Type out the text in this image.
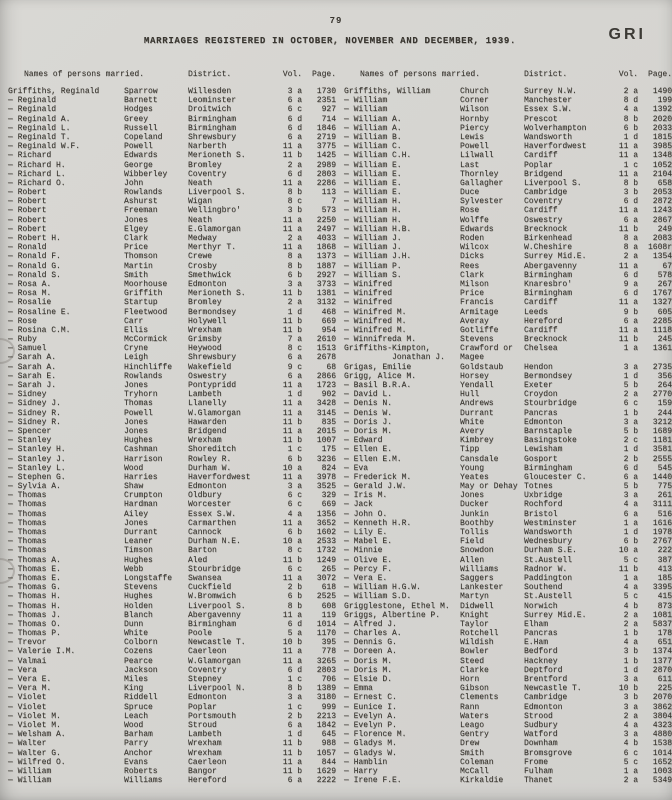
79
MARRIAGES REGISTERED IN OCTOBER, NOVEMBER AND DECEMBER, 1939.	GRI
Names of persons married.	District.	Vol.	Page.
Griffiths, Reginald	Sparrow	Willesden	3 a	1730
— Reginald	Barnett	Leominster	6 a	2351
— Reginald	Hodges	Droitwich	6 c	927
— Reginald A.	Greey	Birmingham	6 d	714
— Reginald L.	Russell	Birmingham	6 d	1846
— Reginald T.	Copeland	Shrewsbury	6 a	2719
— Reginald W.F.	Powell	Narberth	11 a	3775
— Richard	Edwards	Merioneth S.	11 b	1425
— Richard H.	George	Bromley	2 a	2989
— Richard L.	Wibberley	Coventry	6 d	2803
— Richard O.	John	Neath	11 a	2286
— Robert	Rowlands	Liverpool S.	8 b	113
— Robert	Ashurst	Wigan	8 c	7
— Robert	Freeman	Wellingbro'	3 b	573
— Robert	Jones	Neath	11 a	2250
— Robert	Elgey	E.Glamorgan	11 a	2497
— Robert H.	Clark	Medway	2 a	4033
— Ronald	Price	Merthyr T.	11 a	1868
— Ronald F.	Thomson	Crewe	8 a	1373
— Ronald G.	Martin	Crosby	8 b	1887
— Ronald S.	Smith	Smethwick	6 b	2927
— Rosa A.	Moorhouse	Edmonton	3 a	3733
— Rosa M.	Griffith	Merioneth S.	11 b	1381
— Rosalie	Startup	Bromley	2 a	3132
— Rosaline E.	Fleetwood	Bermondsey	1 d	468
— Rose	Carr	Holywell	11 b	669
— Rosina C.M.	Ellis	Wrexham	11 b	954
— Ruby	McCormick	Grimsby	7 a	2610
— Samuel	Cryne	Heywood	8 c	1513
— Sarah A.	Leigh	Shrewsbury	6 a	2678
— Sarah A.	Hinchliffe	Wakefield	9 c	68
— Sarah E.	Rowlands	Oswestry	6 a	2866
— Sarah J.	Jones	Pontypridd	11 a	1723
— Sidney	Tryhorn	Lambeth	1 d	902
— Sidney J.	Thomas	Llanelly	11 a	3428
— Sidney R.	Powell	W.Glamorgan	11 a	3145
— Sidney R.	Jones	Hawarden	11 b	835
— Spencer	Jones	Bridgend	11 a	2015
— Stanley	Hughes	Wrexham	11 b	1007
— Stanley H.	Cashman	Shoreditch	1 c	175
— Stanley J.	Harrison	Rowley R.	6 b	3236
— Stanley L.	Wood	Durham W.	10 a	824
— Stephen G.	Harries	Haverfordwest	11 a	3978
— Sylvia A.	Shaw	Edmonton	3 a	3525
— Thomas	Crumpton	Oldbury	6 c	329
— Thomas	Hardman	Worcester	6 c	669
— Thomas	Ailey	Essex S.W.	4 a	1356
— Thomas	Jones	Carmarthen	11 a	3652
— Thomas	Durrant	Cannock	6 b	1602
— Thomas	Leaner	Durham N.E.	10 a	2533
— Thomas	Timson	Barton	8 c	1732
— Thomas A.	Hughes	Aled	11 b	1249
— Thomas E.	Webb	Stourbridge	6 c	265
— Thomas E.	Longstaffe	Swansea	11 a	3072
— Thomas G.	Stevens	Cuckfield	2 b	618
— Thomas H.	Hughes	W.Bromwich	6 b	2525
— Thomas H.	Holden	Liverpool S.	8 b	608
— Thomas J.	Blanch	Abergavenny	11 a	119
— Thomas O.	Dunn	Birmingham	6 d	1014
— Thomas P.	White	Poole	5 a	1170
— Trevor	Colborn	Newcastle T.	10 b	395
— Valerie I.M.	Cozens	Caerleon	11 a	778
— Valmai	Pearce	W.Glamorgan	11 a	3265
— Vera	Jackson	Coventry	6 d	2803
— Vera E.	Miles	Stepney	1 c	706
— Vera M.	King	Liverpool N.	8 b	1389
— Violet	Riddell	Edmonton	3 a	3180
— Violet	Spruce	Poplar	1 c	999
— Violet M.	Leach	Portsmouth	2 b	2213
— Violet M.	Wood	Stroud	6 a	1842
— Welsham A.	Barham	Lambeth	1 d	645
— Walter	Parry	Wrexham	11 b	988
— Walter G.	Anchor	Wrexham	11 b	1057
— Wilfred O.	Evans	Caerleon	11 a	844
— William	Roberts	Bangor	11 b	1629
— William	Williams	Hereford	6 a	2222
Names of persons married.	District.	Vol.	Page.
Griffiths, William	Church	Surrey N.W.	2 a	1490
— William	Corner	Manchester	8 d	199
— William	Wilson	Essex S.W.	4 a	1392
— William A.	Hornby	Prescot	8 b	2020
— William A.	Piercy	Wolverhampton	6 b	2033
— William B.	Lewis	Wandsworth	1 d	1815
— William C.	Powell	Haverfordwest	11 a	3985
— William C.H.	Lilwall	Cardiff	11 a	1348
— William E.	Last	Poplar	1 c	1052
— William E.	Thornley	Bridgend	11 a	2104
— William E.	Gallagher	Liverpool S.	8 b	658
— William E.	Duce	Cambridge	3 b	2053
— William H.	Sylvester	Coventry	6 d	2872
— William H.	Rose	Cardiff	11 a	1243
— William H.	Wolffe	Oswestry	6 a	2867
— William H.B.	Edwards	Brecknock	11 b	249
— William J.	Roden	Birkenhead	8 a	2083
— William J.	Wilcox	W.Cheshire	8 a	1608r
— William J.H.	Dicks	Surrey Mid.E.	2 a	1354
— William P.	Rees	Abergavenny	11 a	67
— William S.	Clark	Birmingham	6 d	578
— Winifred	Milson	Knaresbro'	9 a	267
— Winifred	Price	Birmingham	6 d	1767
— Winifred	Francis	Cardiff	11 a	1327
— Winifred M.	Armitage	Leeds	9 b	605
— Winifred M.	Averay	Hereford	6 a	2285
— Winifred M.	Gotliffe	Cardiff	11 a	1118
— Winnifreda M.	Stevens	Brecknock	11 b	245
Griffiths-Kimpton,	Crawford or	Chelsea	1 a	1361
Jonathan J.	Magee
Grigas, Emilie	Goldstaub	Hendon	3 a	2735
Grigg, Alice M.	Horsey	Bermondsey	1 d	356
— Basil B.R.A.	Yendall	Exeter	5 b	264
— David L.	Hull	Croydon	2 a	2770
— Denis N.	Andrews	Stourbridge	6 c	159
— Denis W.	Durrant	Pancras	1 b	244
— Doris J.	White	Edmonton	3 a	3212
— Doris M.	Avery	Barnstaple	5 b	1689
— Edward	Kimbrey	Basingstoke	2 c	1181
— Ellen E.	Tipp	Lewisham	1 d	3581
— Ellen E.M.	Cansdale	Gosport	2 b	2555
— Eva	Young	Birmingham	6 d	545
— Frederick M.	Yeates	Gloucester C.	6 a	1440
— Gerald J.W.	May or Dehay Totnes	5 b	775
— Iris M.	Jones	Uxbridge	3 a	261
— Jack	Ducker	Rochford	4 a	3111
— John O.	Junkin	Bristol	6 a	516
— Kenneth H.R.	Boothby	Westminster	1 a	1616
— Lily E.	Tollis	Wandsworth	1 d	1978
— Mabel E.	Field	Wednesbury	6 b	2767
— Minnie	Snowdon	Durham S.E.	10 a	222
— Olive E.	Allen	St.Austell	5 c	387
— Percy F.	Williams	Radnor W.	11 b	413
— Vera E.	Saggers	Paddington	1 a	185
— William H.G.W.	Lankester	Southend	4 a	3395
— William S.D.	Martyn	St.Austell	5 c	415
Grigglestone, Ethel M.	Didwell	Norwich	4 b	873
Griggs, Albertine P.	Knight	Surrey Mid.E.	2 a	1081
— Alfred J.	Taylor	Elham	2 a	5837
— Charles A.	Rotchell	Pancras	1 b	178
— Dennis G.	Wildish	E.Ham	4 a	651
— Doreen A.	Bowler	Bedford	3 b	1374
— Doris M.	Steed	Hackney	1 b	1377
— Doris M.	Clarke	Deptford	1 d	2870
— Elsie D.	Horn	Brentford	3 a	611
— Emma	Gibson	Newcastle T.	10 b	225
— Ernest C.	Clements	Cambridge	3 b	2070
— Eunice I.	Rann	Edmonton	3 a	3862
— Evelyn A.	Waters	Strood	2 a	3804
— Evelyn P.	Leago	Sudbury	4 a	4323
— Florence M.	Gentry	Watford	3 a	4880
— Gladys M.	Drew	Downham	4 b	1538
— Gladys W.	Smith	Bromsgrove	6 c	1014
— Hamblin	Coleman	Frome	5 c	1652
— Harry	McCall	Fulham	1 a	1003
— Irene F.E.	Kirkaldie	Thanet	2 a	5349
